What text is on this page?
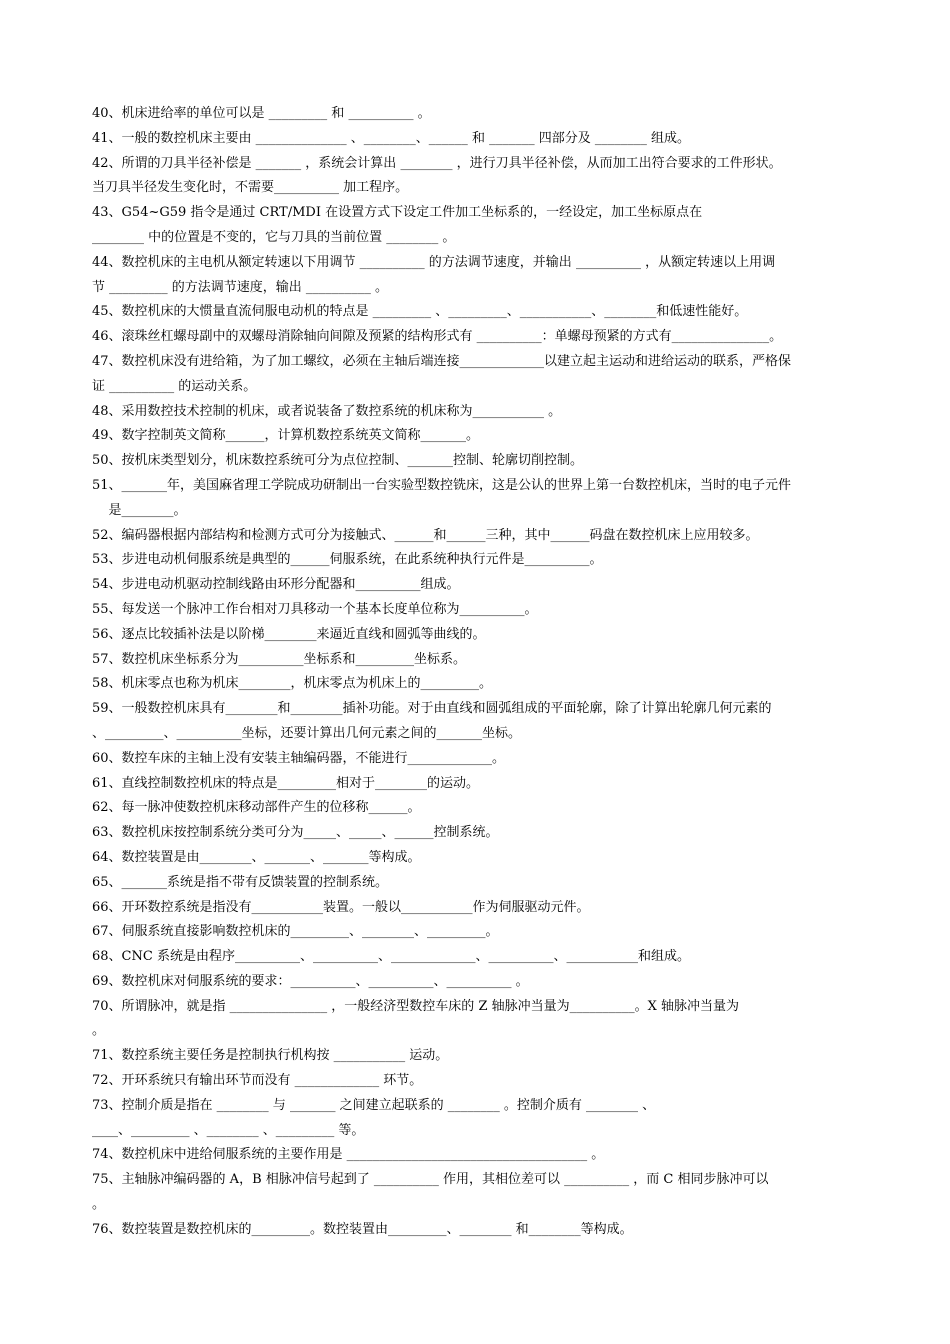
40、机床进给率的单位可以是 _________ 和 __________ 。
41、一般的数控机床主要由 ______________ 、________、______ 和 _______ 四部分及 ________ 组成。
42、所谓的刀具半径补偿是 _______ ，系统会计算出 ________ ，进行刀具半径补偿，从而加工出符合要求的工件形状。
当刀具半径发生变化时，不需要__________ 加工程序。
43、G54~G59 指令是通过 CRT/MDI 在设置方式下设定工件加工坐标系的，一经设定，加工坐标原点在
________ 中的位置是不变的，它与刀具的当前位置 ________ 。
44、数控机床的主电机从额定转速以下用调节 __________ 的方法调节速度，并输出 __________ ，从额定转速以上用调
节 _________ 的方法调节速度，输出 __________ 。
45、数控机床的大惯量直流伺服电动机的特点是 _________ 、_________、___________、________和低速性能好。
46、滚珠丝杠螺母副中的双螺母消除轴向间隙及预紧的结构形式有 __________：单螺母预紧的方式有_______________。
47、数控机床没有进给箱，为了加工螺纹，必须在主轴后端连接_____________以建立起主运动和进给运动的联系，严格保
证 __________ 的运动关系。
48、采用数控技术控制的机床，或者说装备了数控系统的机床称为___________ 。
49、数字控制英文简称______，计算机数控系统英文简称_______。
50、按机床类型划分，机床数控系统可分为点位控制、_______控制、轮廓切削控制。
51、_______年，美国麻省理工学院成功研制出一台实验型数控铣床，这是公认的世界上第一台数控机床，当时的电子元件
是________。
52、编码器根据内部结构和检测方式可分为接触式、______和______三种，其中______码盘在数控机床上应用较多。
53、步进电动机伺服系统是典型的______伺服系统，在此系统种执行元件是__________。
54、步进电动机驱动控制线路由环形分配器和__________组成。
55、每发送一个脉冲工作台相对刀具移动一个基本长度单位称为__________。
56、逐点比较插补法是以阶梯________来逼近直线和圆弧等曲线的。
57、数控机床坐标系分为__________坐标系和_________坐标系。
58、机床零点也称为机床________，机床零点为机床上的_________。
59、一般数控机床具有________和________插补功能。对于由直线和圆弧组成的平面轮廓，除了计算出轮廓几何元素的
、_________、__________坐标，还要计算出几何元素之间的_______坐标。
60、数控车床的主轴上没有安装主轴编码器，不能进行_____________。
61、直线控制数控机床的特点是_________相对于________的运动。
62、每一脉冲使数控机床移动部件产生的位移称______。
63、数控机床按控制系统分类可分为_____、_____、______控制系统。
64、数控装置是由________、_______、_______等构成。
65、_______系统是指不带有反馈装置的控制系统。
66、开环数控系统是指没有___________装置。一般以___________作为伺服驱动元件。
67、伺服系统直接影响数控机床的_________、________、_________。
68、CNC 系统是由程序__________、__________、_____________、__________、___________和组成。
69、数控机床对伺服系统的要求：__________、__________、__________ 。
70、所谓脉冲，就是指 _______________ ，一般经济型数控车床的 Z 轴脉冲当量为__________。X 轴脉冲当量为
。
71、数控系统主要任务是控制执行机构按 ___________ 运动。
72、开环系统只有输出环节而没有 _____________ 环节。
73、控制介质是指在 ________ 与 _______ 之间建立起联系的 ________ 。控制介质有 ________ 、
____、_________ 、________ 、_________ 等。
74、数控机床中进给伺服系统的主要作用是 _____________________________________ 。
75、主轴脉冲编码器的 A，B 相脉冲信号起到了 __________ 作用，其相位差可以 __________ ，而 C 相同步脉冲可以
。
76、数控装置是数控机床的_________。数控装置由_________、________ 和________等构成。
